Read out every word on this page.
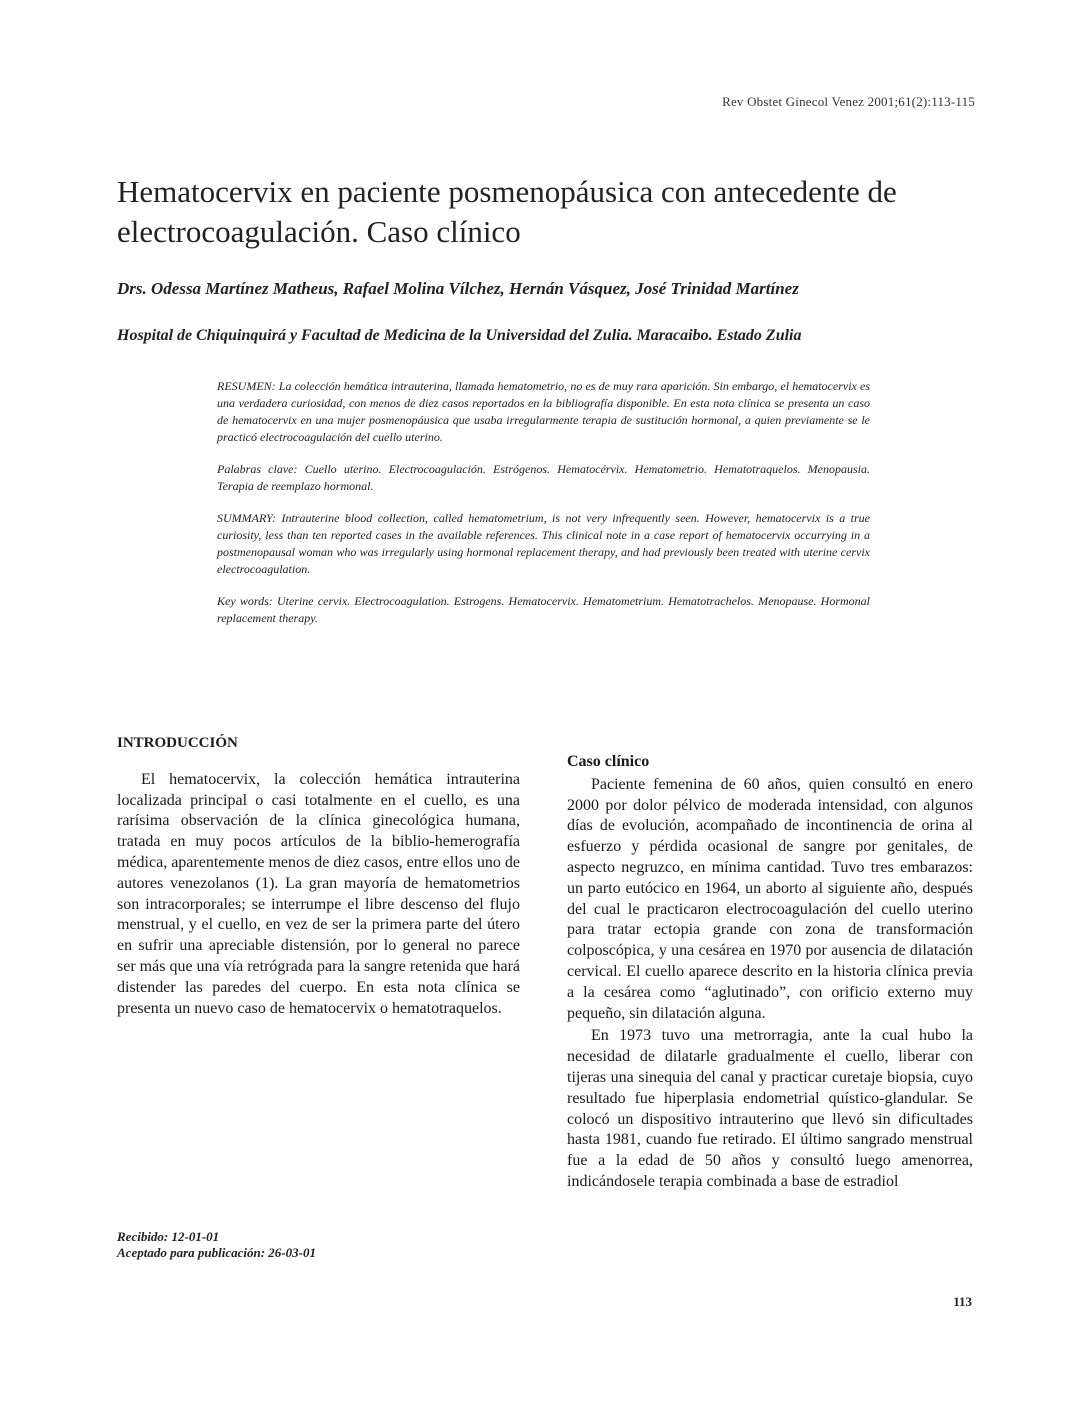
Rev Obstet Ginecol Venez 2001;61(2):113-115
Hematocervix en paciente posmenopáusica con antecedente de electrocoagulación. Caso clínico
Drs. Odessa Martínez Matheus, Rafael Molina Vílchez, Hernán Vásquez, José Trinidad Martínez
Hospital de Chiquinquirá y Facultad de Medicina de la Universidad del Zulia. Maracaibo. Estado Zulia

RESUMEN: La colección hemática intrauterina, llamada hematometrio, no es de muy rara aparición. Sin embargo, el hematocervix es una verdadera curiosidad, con menos de diez casos reportados en la bibliografía disponible. En esta nota clínica se presenta un caso de hematocervix en una mujer posmenopáusica que usaba irregularmente terapia de sustitución hormonal, a quien previamente se le practicó electrocoagulación del cuello uterino.

Palabras clave: Cuello uterino. Electrocoagulación. Estrógenos. Hematocérvix. Hematometrio. Hematotraquelos. Menopausia. Terapia de reemplazo hormonal.

SUMMARY: Intrauterine blood collection, called hematometrium, is not very infrequently seen. However, hematocervix is a true curiosity, less than ten reported cases in the available references. This clinical note in a case report of hematocervix occurrying in a postmenopausal woman who was irregularly using hormonal replacement therapy, and had previously been treated with uterine cervix electrocoagulation.

Key words: Uterine cervix. Electrocoagulation. Estrogens. Hematocervix. Hematometrium. Hematotrachelos. Menopause. Hormonal replacement therapy.

INTRODUCCIÓN

El hematocervix, la colección hemática intrauterina localizada principal o casi totalmente en el cuello, es una rarísima observación de la clínica ginecológica humana, tratada en muy pocos artículos de la biblio-hemerografía médica, aparentemente menos de diez casos, entre ellos uno de autores venezolanos (1). La gran mayoría de hematometrios son intracorporales; se interrumpe el libre descenso del flujo menstrual, y el cuello, en vez de ser la primera parte del útero en sufrir una apreciable distensión, por lo general no parece ser más que una vía retrógrada para la sangre retenida que hará distender las paredes del cuerpo. En esta nota clínica se presenta un nuevo caso de hematocervix o hematotraquelos.

Caso clínico

Paciente femenina de 60 años, quien consultó en enero 2000 por dolor pélvico de moderada intensidad, con algunos días de evolución, acompañado de incontinencia de orina al esfuerzo y pérdida ocasional de sangre por genitales, de aspecto negruzco, en mínima cantidad. Tuvo tres embarazos: un parto eutócico en 1964, un aborto al siguiente año, después del cual le practicaron electrocoagulación del cuello uterino para tratar ectopia grande con zona de transformación colposcópica, y una cesárea en 1970 por ausencia de dilatación cervical. El cuello aparece descrito en la historia clínica previa a la cesárea como “aglutinado”, con orificio externo muy pequeño, sin dilatación alguna.

En 1973 tuvo una metrorragia, ante la cual hubo la necesidad de dilatarle gradualmente el cuello, liberar con tijeras una sinequia del canal y practicar curetaje biopsia, cuyo resultado fue hiperplasia endometrial quístico-glandular. Se colocó un dispositivo intrauterino que llevó sin dificultades hasta 1981, cuando fue retirado. El último sangrado menstrual fue a la edad de 50 años y consultó luego amenorrea, indicándosele terapia combinada a base de estradiol

Recibido: 12-01-01
Aceptado para publicación: 26-03-01
113
